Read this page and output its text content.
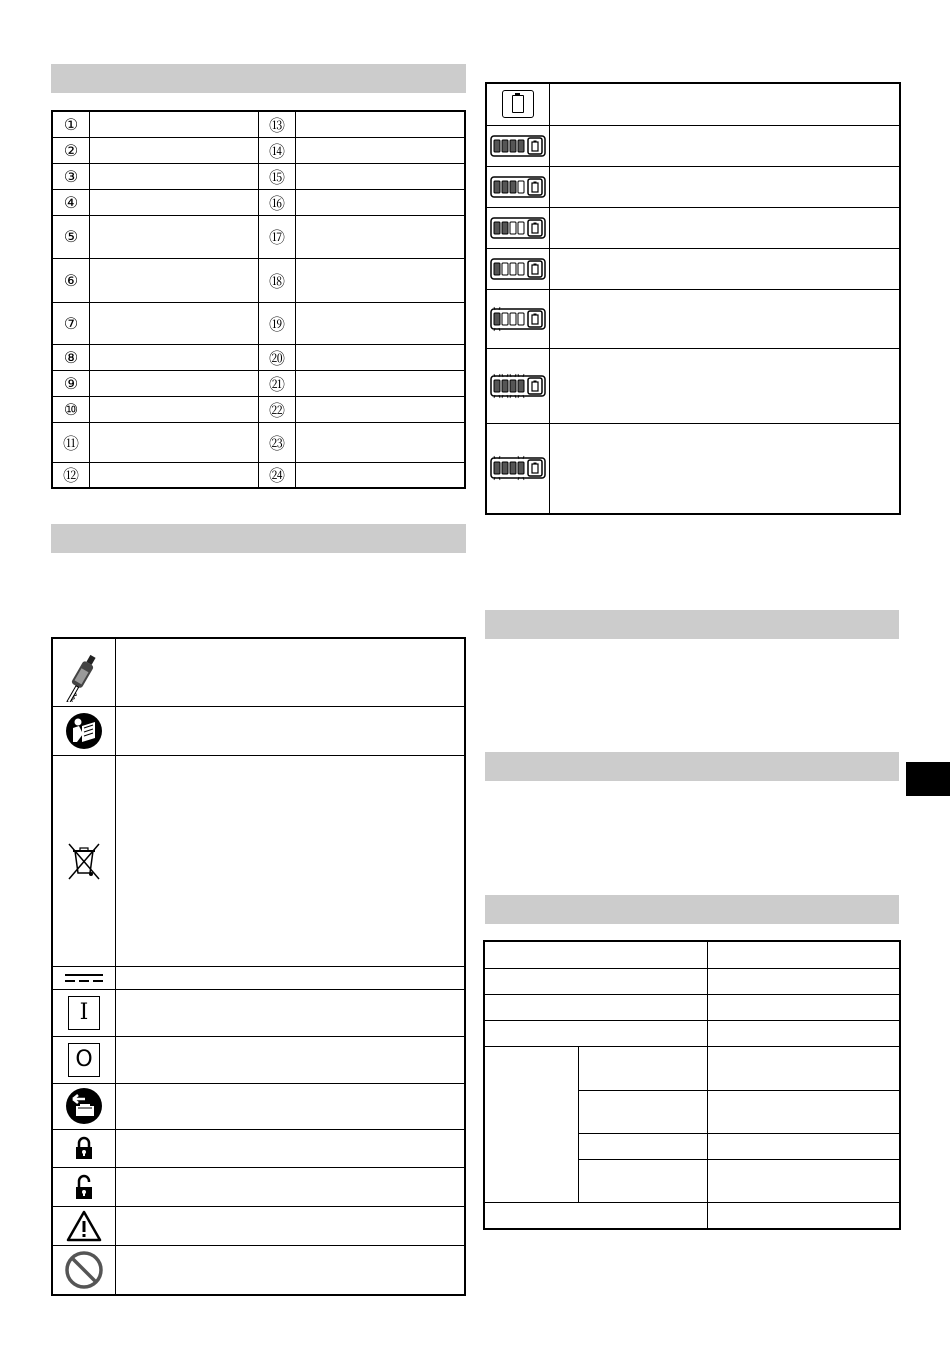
①		⑬	
②		⑭	
③		⑮	
④		⑯	
⑤		⑰	
⑥		⑱	
⑦		⑲	
⑧		⑳	
⑨		㉑	
⑩		㉒	
⑪		㉓	
⑫		㉔	

I	

O	
